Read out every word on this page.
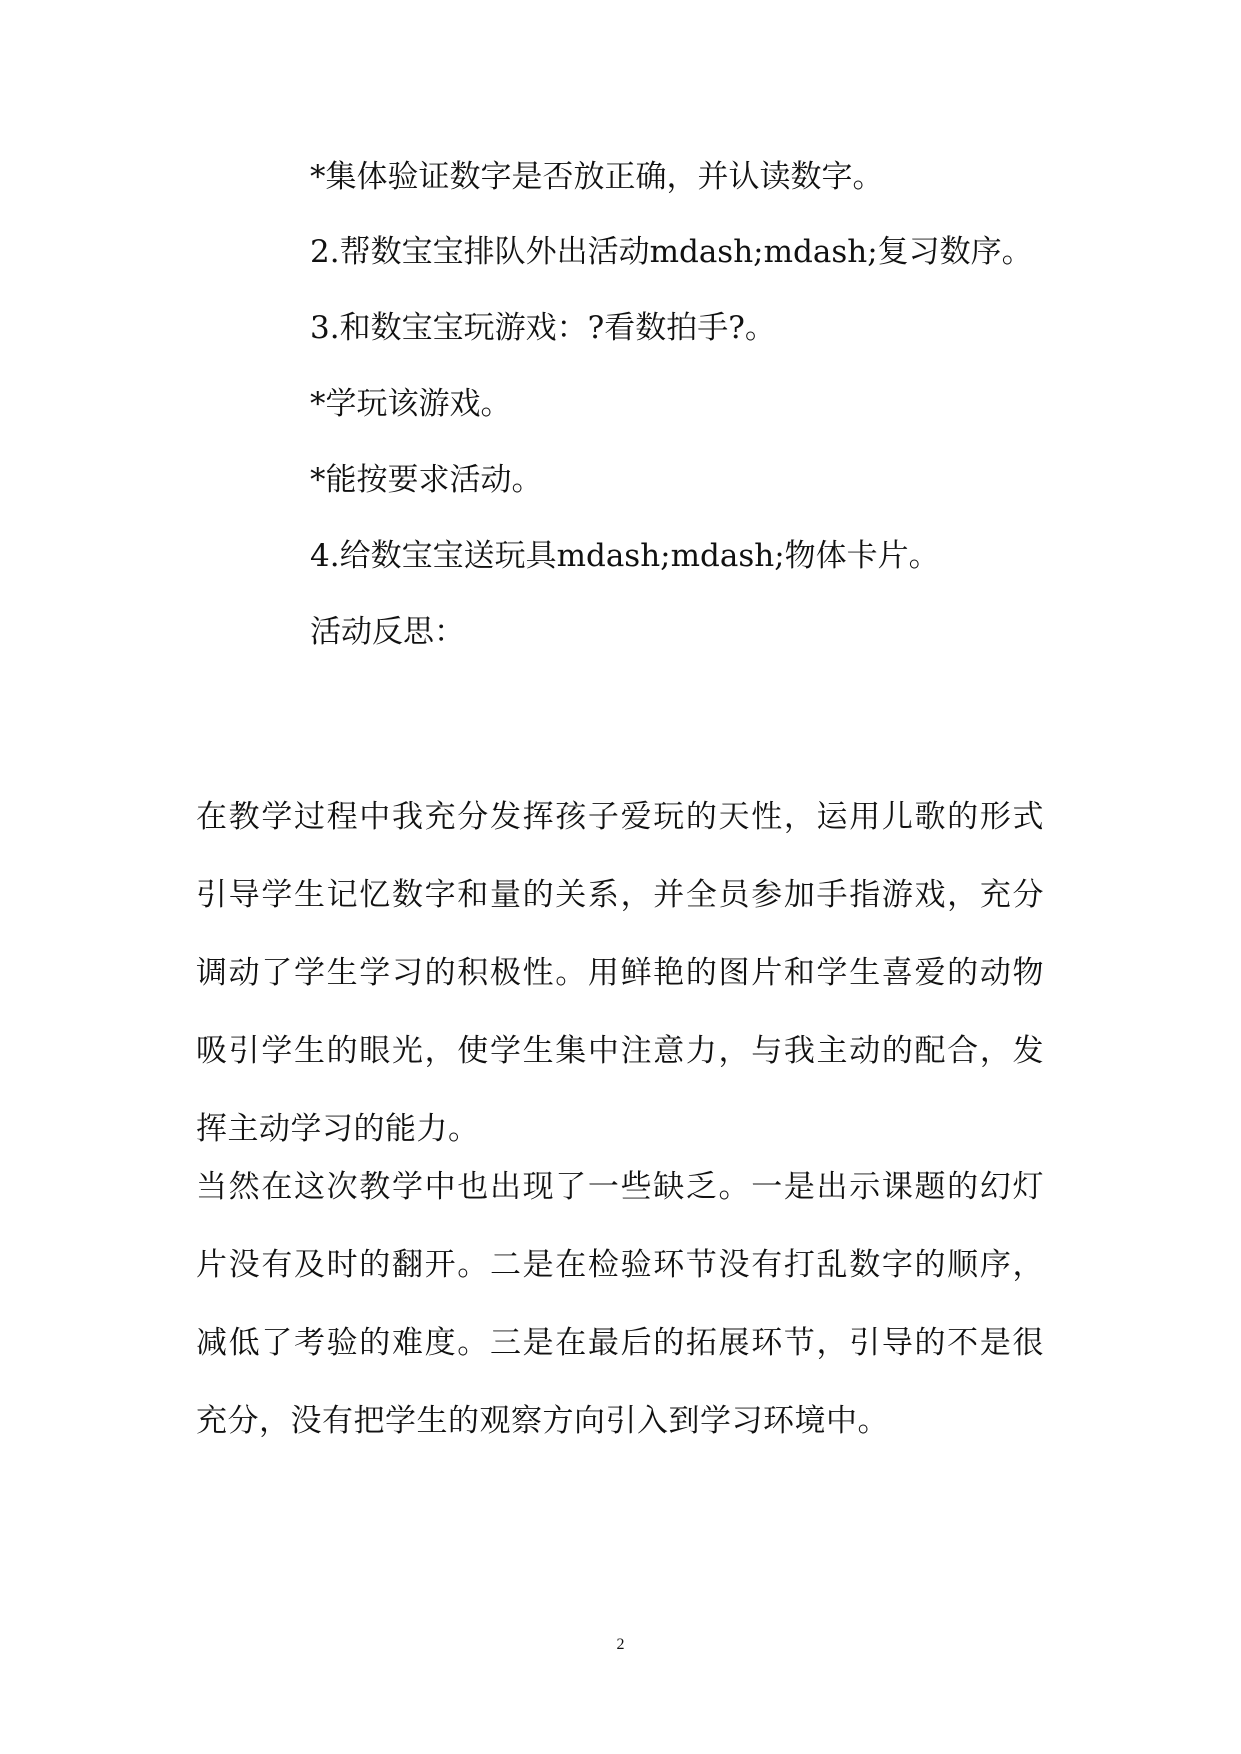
*集体验证数字是否放正确，并认读数字。
2.帮数宝宝排队外出活动mdash;mdash;复习数序。
3.和数宝宝玩游戏：?看数拍手?。
*学玩该游戏。
*能按要求活动。
4.给数宝宝送玩具mdash;mdash;物体卡片。
活动反思：

在教学过程中我充分发挥孩子爱玩的天性，运用儿歌的形式引导学生记忆数字和量的关系，并全员参加手指游戏，充分调动了学生学习的积极性。用鲜艳的图片和学生喜爱的动物吸引学生的眼光，使学生集中注意力，与我主动的配合，发挥主动学习的能力。

当然在这次教学中也出现了一些缺乏。一是出示课题的幻灯片没有及时的翻开。二是在检验环节没有打乱数字的顺序，减低了考验的难度。三是在最后的拓展环节，引导的不是很充分，没有把学生的观察方向引入到学习环境中。

2
